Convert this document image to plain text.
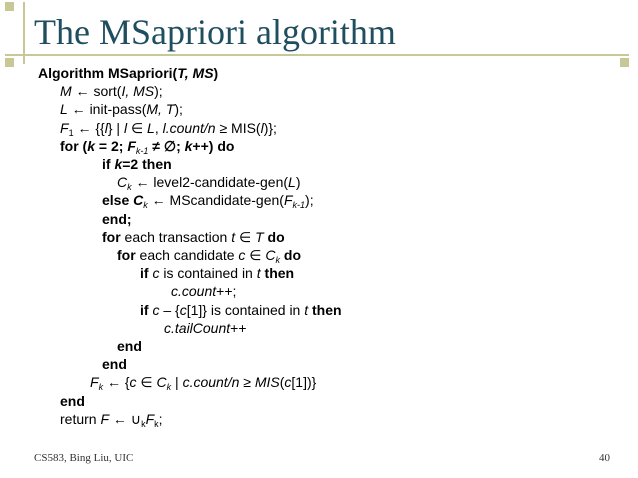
The MSapriori algorithm
Algorithm MSapriori(T, MS)
M ← sort(I, MS);
L ← init-pass(M, T);
$F_1$ ← {{l} | l ∈ L, l.count/n ≥ MIS(l)};
for (k = 2; $F_{k-1}$ ≠ ∅; k++) do
if k=2 then
$C_k$ ← level2-candidate-gen(L)
else $C_k$ ← MScandidate-$gen(F_{k-1})$;
end;
for each transaction t ∈ T do
for each candidate c ∈ $C_k$ do
if c is contained in t then
c.count++;
if c – {c[1]} is contained in t then
c.tailCount++
end
end
$F_k$ ← {c ∈ $C_k$ | c.count/n ≥ MIS(c[1])}
end
return F ← $\cup_kF_k$;
CS583, Bing Liu, UIC	40
